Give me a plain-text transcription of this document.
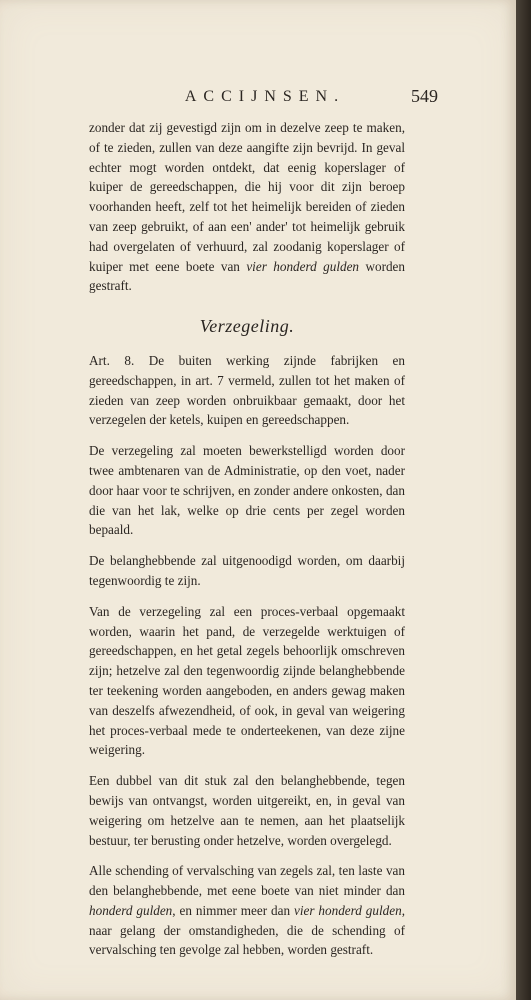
ACCIJNSEN.	549

zonder dat zij gevestigd zijn om in dezelve zeep te maken, of te zieden, zullen van deze aangifte zijn bevrijd. In geval echter mogt worden ontdekt, dat eenig koperslager of kuiper de gereedschappen, die hij voor dit zijn beroep voorhanden heeft, zelf tot het heimelijk bereiden of zieden van zeep gebruikt, of aan een' ander' tot heimelijk gebruik had overgelaten of verhuurd, zal zoodanig koperslager of kuiper met eene boete van vier honderd gulden worden gestraft.

Verzegeling.

Art. 8. De buiten werking zijnde fabrijken en gereedschappen, in art. 7 vermeld, zullen tot het maken of zieden van zeep worden onbruikbaar gemaakt, door het verzegelen der ketels, kuipen en gereedschappen.

De verzegeling zal moeten bewerkstelligd worden door twee ambtenaren van de Administratie, op den voet, nader door haar voor te schrijven, en zonder andere onkosten, dan die van het lak, welke op drie cents per zegel worden bepaald.

De belanghebbende zal uitgenoodigd worden, om daarbij tegenwoordig te zijn.

Van de verzegeling zal een proces-verbaal opgemaakt worden, waarin het pand, de verzegelde werktuigen of gereedschappen, en het getal zegels behoorlijk omschreven zijn; hetzelve zal den tegenwoordig zijnde belanghebbende ter teekening worden aangeboden, en anders gewag maken van deszelfs afwezendheid, of ook, in geval van weigering het proces-verbaal mede te onderteekenen, van deze zijne weigering.

Een dubbel van dit stuk zal den belanghebbende, tegen bewijs van ontvangst, worden uitgereikt, en, in geval van weigering om hetzelve aan te nemen, aan het plaatselijk bestuur, ter berusting onder hetzelve, worden overgelegd.

Alle schending of vervalsching van zegels zal, ten laste van den belanghebbende, met eene boete van niet minder dan honderd gulden, en nimmer meer dan vier honderd gulden, naar gelang der omstandigheden, die de schending of vervalsching ten gevolge zal hebben, worden gestraft.
